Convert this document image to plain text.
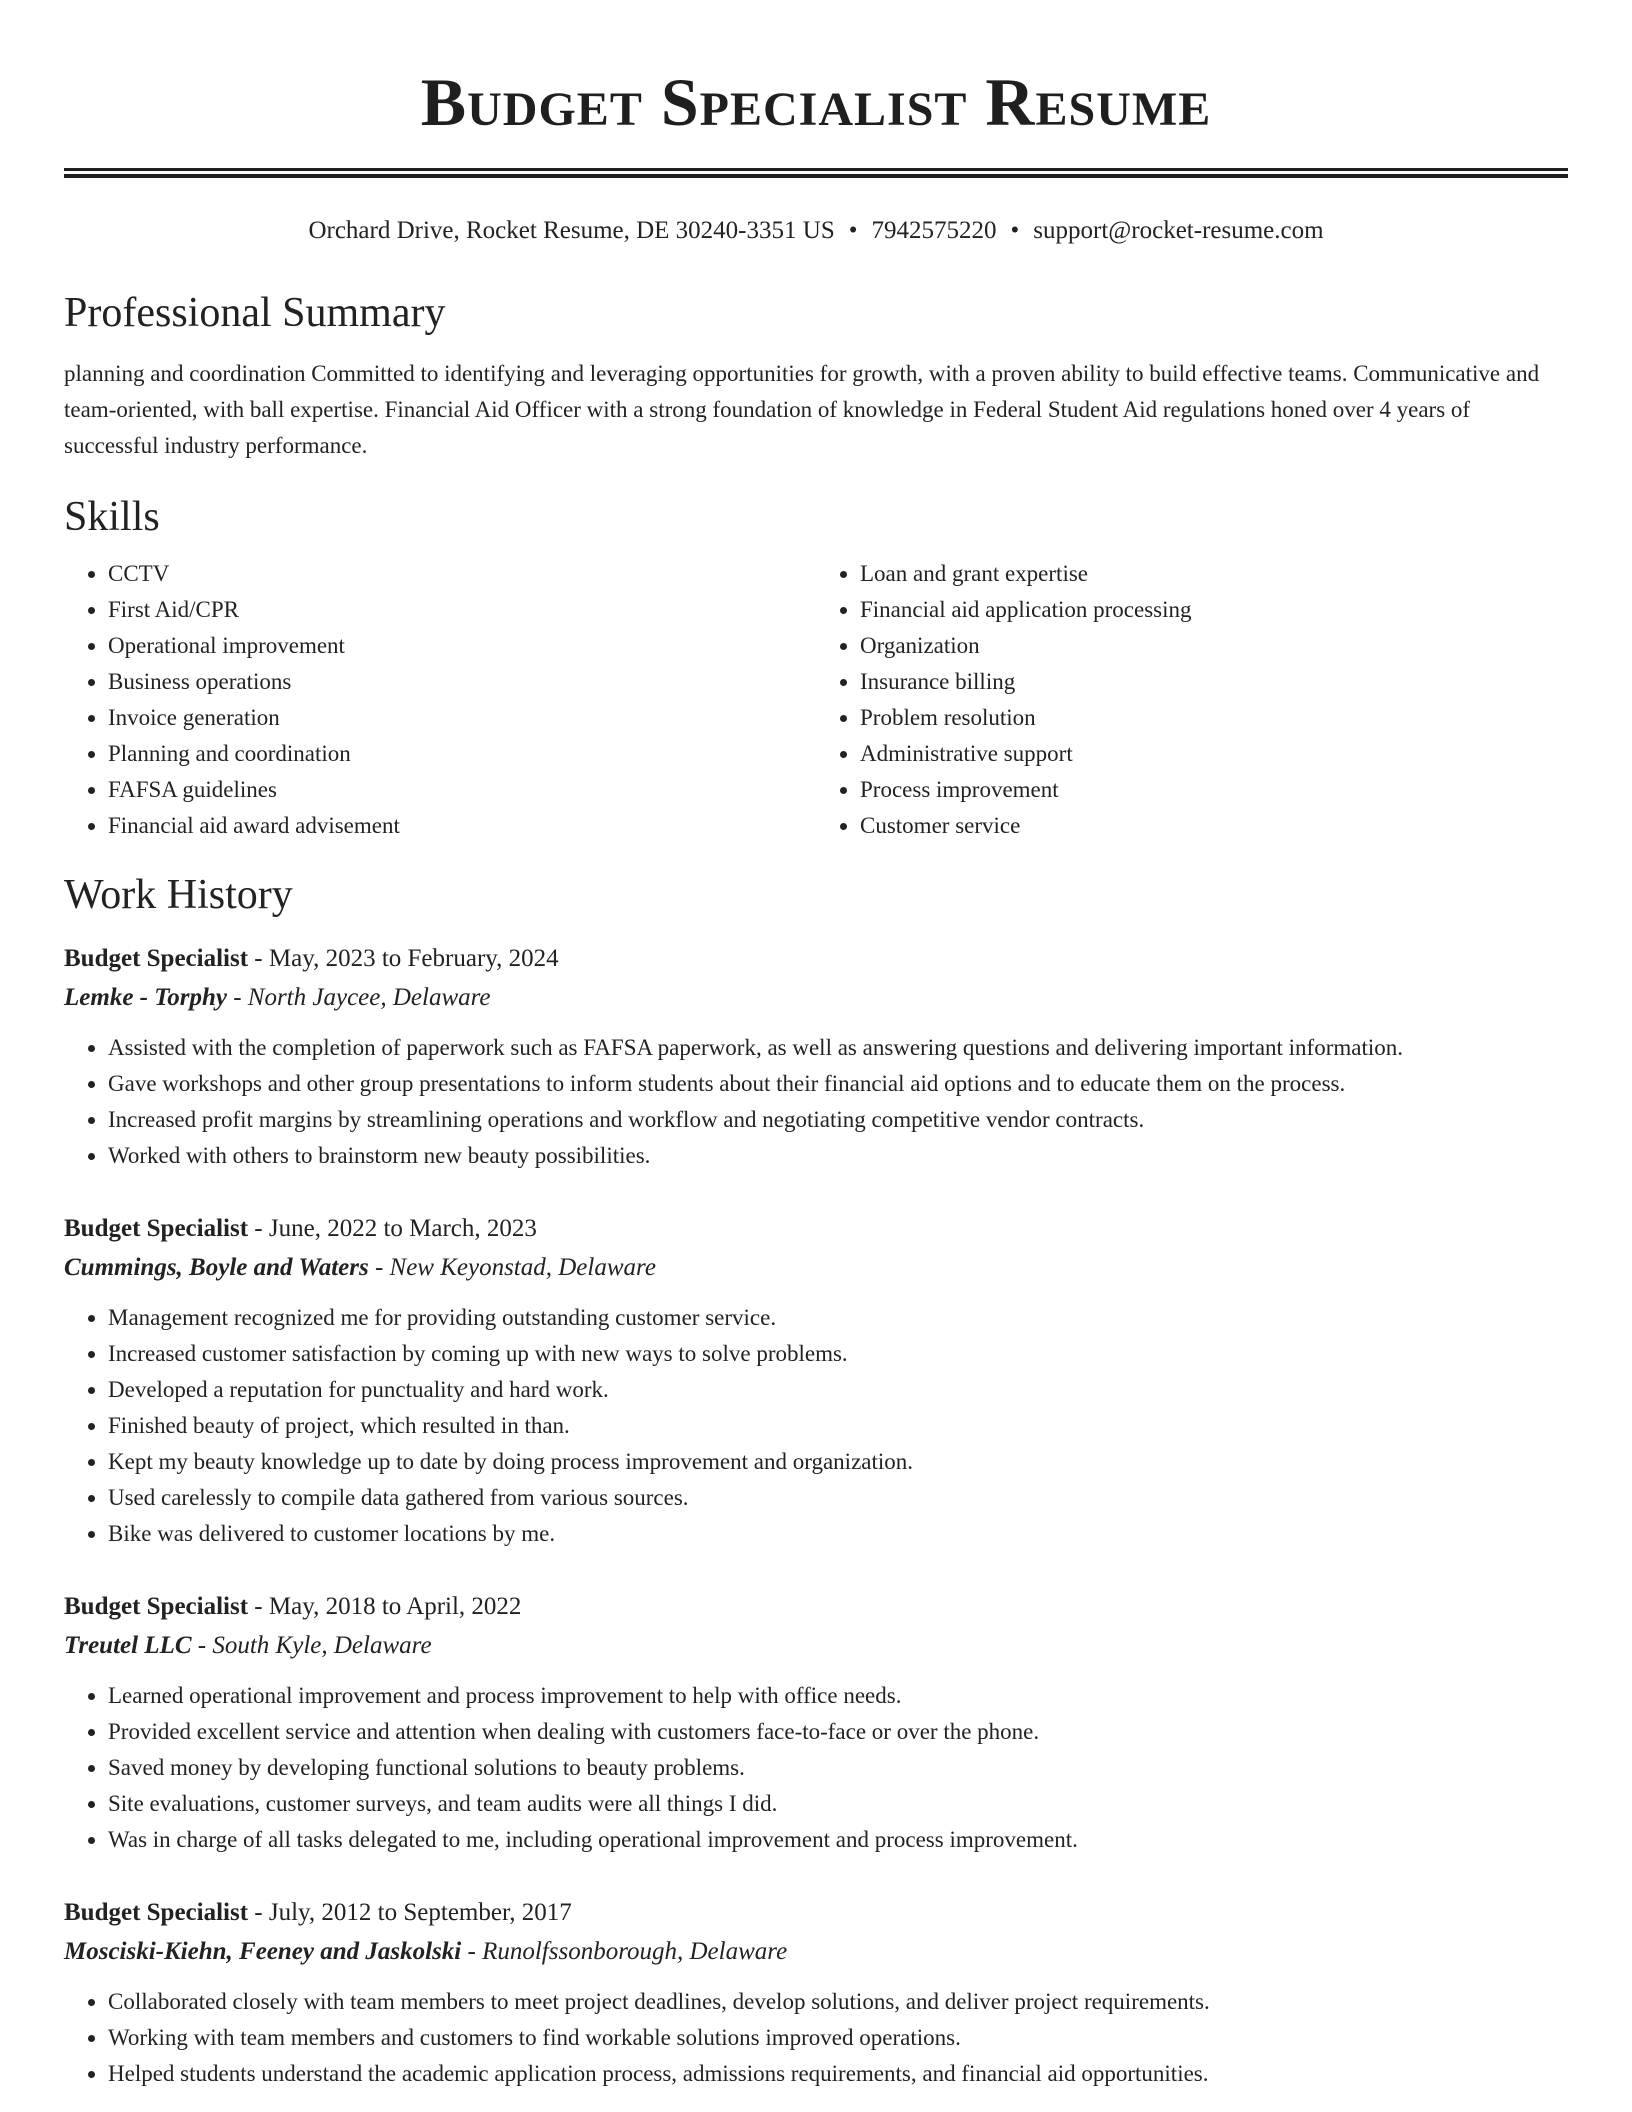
Budget Specialist Resume
Orchard Drive, Rocket Resume, DE 30240-3351 US • 7942575220 • support@rocket-resume.com
Professional Summary

planning and coordination Committed to identifying and leveraging opportunities for growth, with a proven ability to build effective teams. Communicative and team-oriented, with ball expertise. Financial Aid Officer with a strong foundation of knowledge in Federal Student Aid regulations honed over 4 years of successful industry performance.

Skills
• CCTV
• First Aid/CPR
• Operational improvement
• Business operations
• Invoice generation
• Planning and coordination
• FAFSA guidelines
• Financial aid award advisement
• Loan and grant expertise
• Financial aid application processing
• Organization
• Insurance billing
• Problem resolution
• Administrative support
• Process improvement
• Customer service
Work History
Budget Specialist - May, 2023 to February, 2024
Lemke - Torphy - North Jaycee, Delaware
• Assisted with the completion of paperwork such as FAFSA paperwork, as well as answering questions and delivering important information.
• Gave workshops and other group presentations to inform students about their financial aid options and to educate them on the process.
• Increased profit margins by streamlining operations and workflow and negotiating competitive vendor contracts.
• Worked with others to brainstorm new beauty possibilities.
Budget Specialist - June, 2022 to March, 2023
Cummings, Boyle and Waters - New Keyonstad, Delaware
• Management recognized me for providing outstanding customer service.
• Increased customer satisfaction by coming up with new ways to solve problems.
• Developed a reputation for punctuality and hard work.
• Finished beauty of project, which resulted in than.
• Kept my beauty knowledge up to date by doing process improvement and organization.
• Used carelessly to compile data gathered from various sources.
• Bike was delivered to customer locations by me.
Budget Specialist - May, 2018 to April, 2022
Treutel LLC - South Kyle, Delaware
• Learned operational improvement and process improvement to help with office needs.
• Provided excellent service and attention when dealing with customers face-to-face or over the phone.
• Saved money by developing functional solutions to beauty problems.
• Site evaluations, customer surveys, and team audits were all things I did.
• Was in charge of all tasks delegated to me, including operational improvement and process improvement.
Budget Specialist - July, 2012 to September, 2017
Mosciski-Kiehn, Feeney and Jaskolski - Runolfssonborough, Delaware
• Collaborated closely with team members to meet project deadlines, develop solutions, and deliver project requirements.
• Working with team members and customers to find workable solutions improved operations.
• Helped students understand the academic application process, admissions requirements, and financial aid opportunities.
